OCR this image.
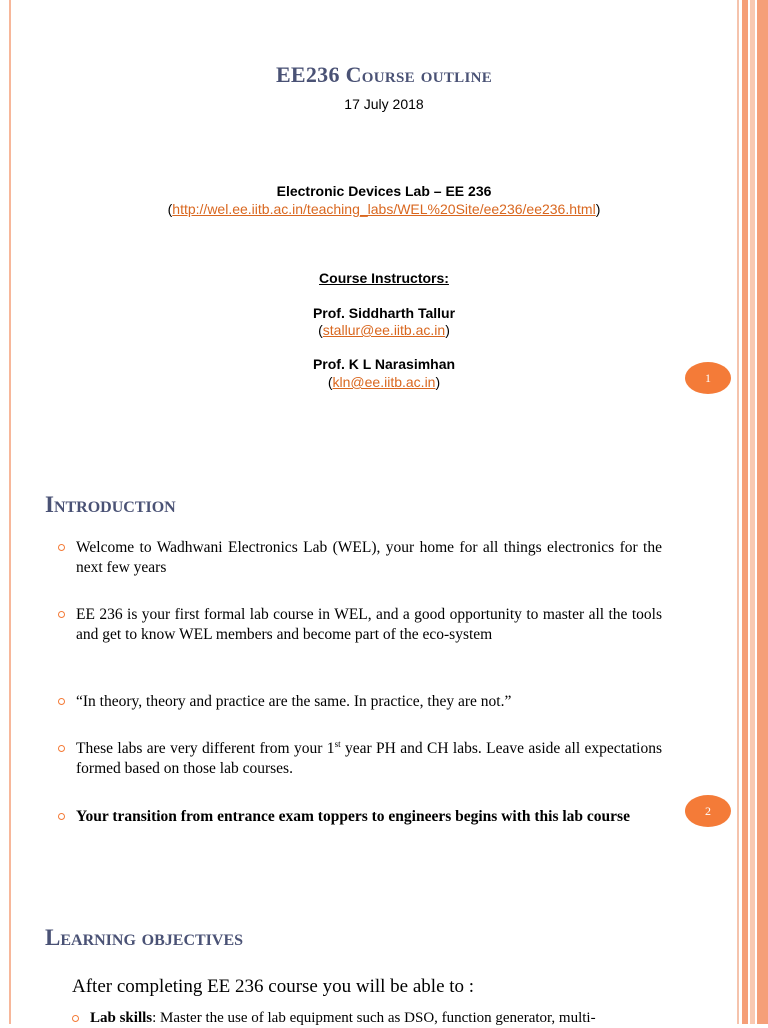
EE236 Course outline
17 July 2018
Electronic Devices Lab – EE 236
(http://wel.ee.iitb.ac.in/teaching_labs/WEL%20Site/ee236/ee236.html)
Course Instructors:
Prof. Siddharth Tallur
(stallur@ee.iitb.ac.in)
Prof. K L Narasimhan
(kln@ee.iitb.ac.in)	1
Introduction
Welcome to Wadhwani Electronics Lab (WEL), your home for all things electronics for the next few years
EE 236 is your first formal lab course in WEL, and a good opportunity to master all the tools and get to know WEL members and become part of the eco-system
“In theory, theory and practice are the same. In practice, they are not.”
These labs are very different from your 1st year PH and CH labs. Leave aside all expectations formed based on those lab courses.
Your transition from entrance exam toppers to engineers begins with this lab course	2
Learning objectives
After completing EE 236 course you will be able to :
Lab skills: Master the use of lab equipment such as DSO, function generator, multi-
